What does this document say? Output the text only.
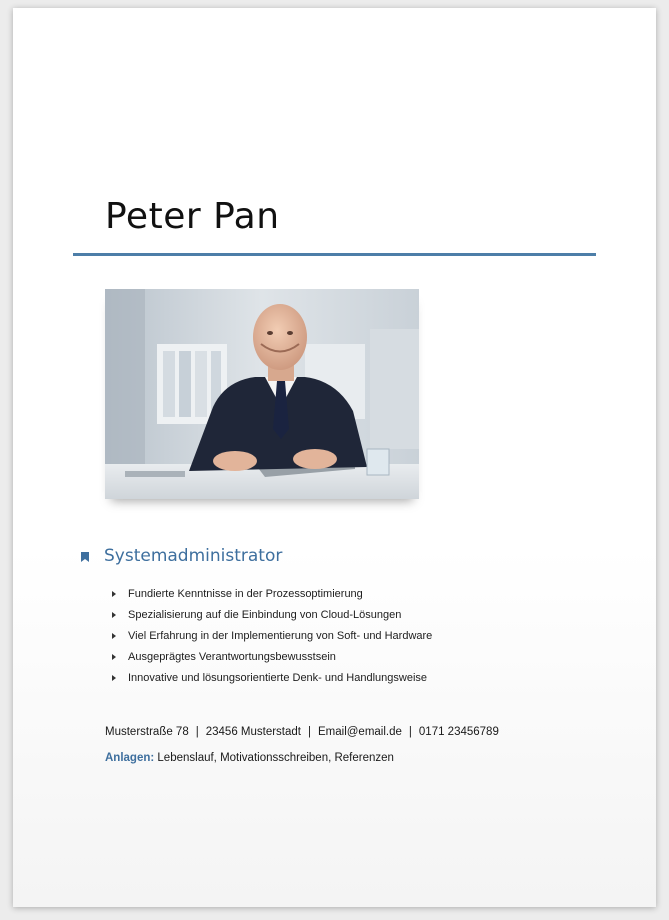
Peter Pan
Systemadministrator
Fundierte Kenntnisse in der Prozessoptimierung
Spezialisierung auf die Einbindung von Cloud-Lösungen
Viel Erfahrung in der Implementierung von Soft- und Hardware
Ausgeprägtes Verantwortungsbewusstsein
Innovative und lösungsorientierte Denk- und Handlungsweise
Musterstraße 78 | 23456 Musterstadt | Email@email.de | 0171 23456789
Anlagen: Lebenslauf, Motivationsschreiben, Referenzen
